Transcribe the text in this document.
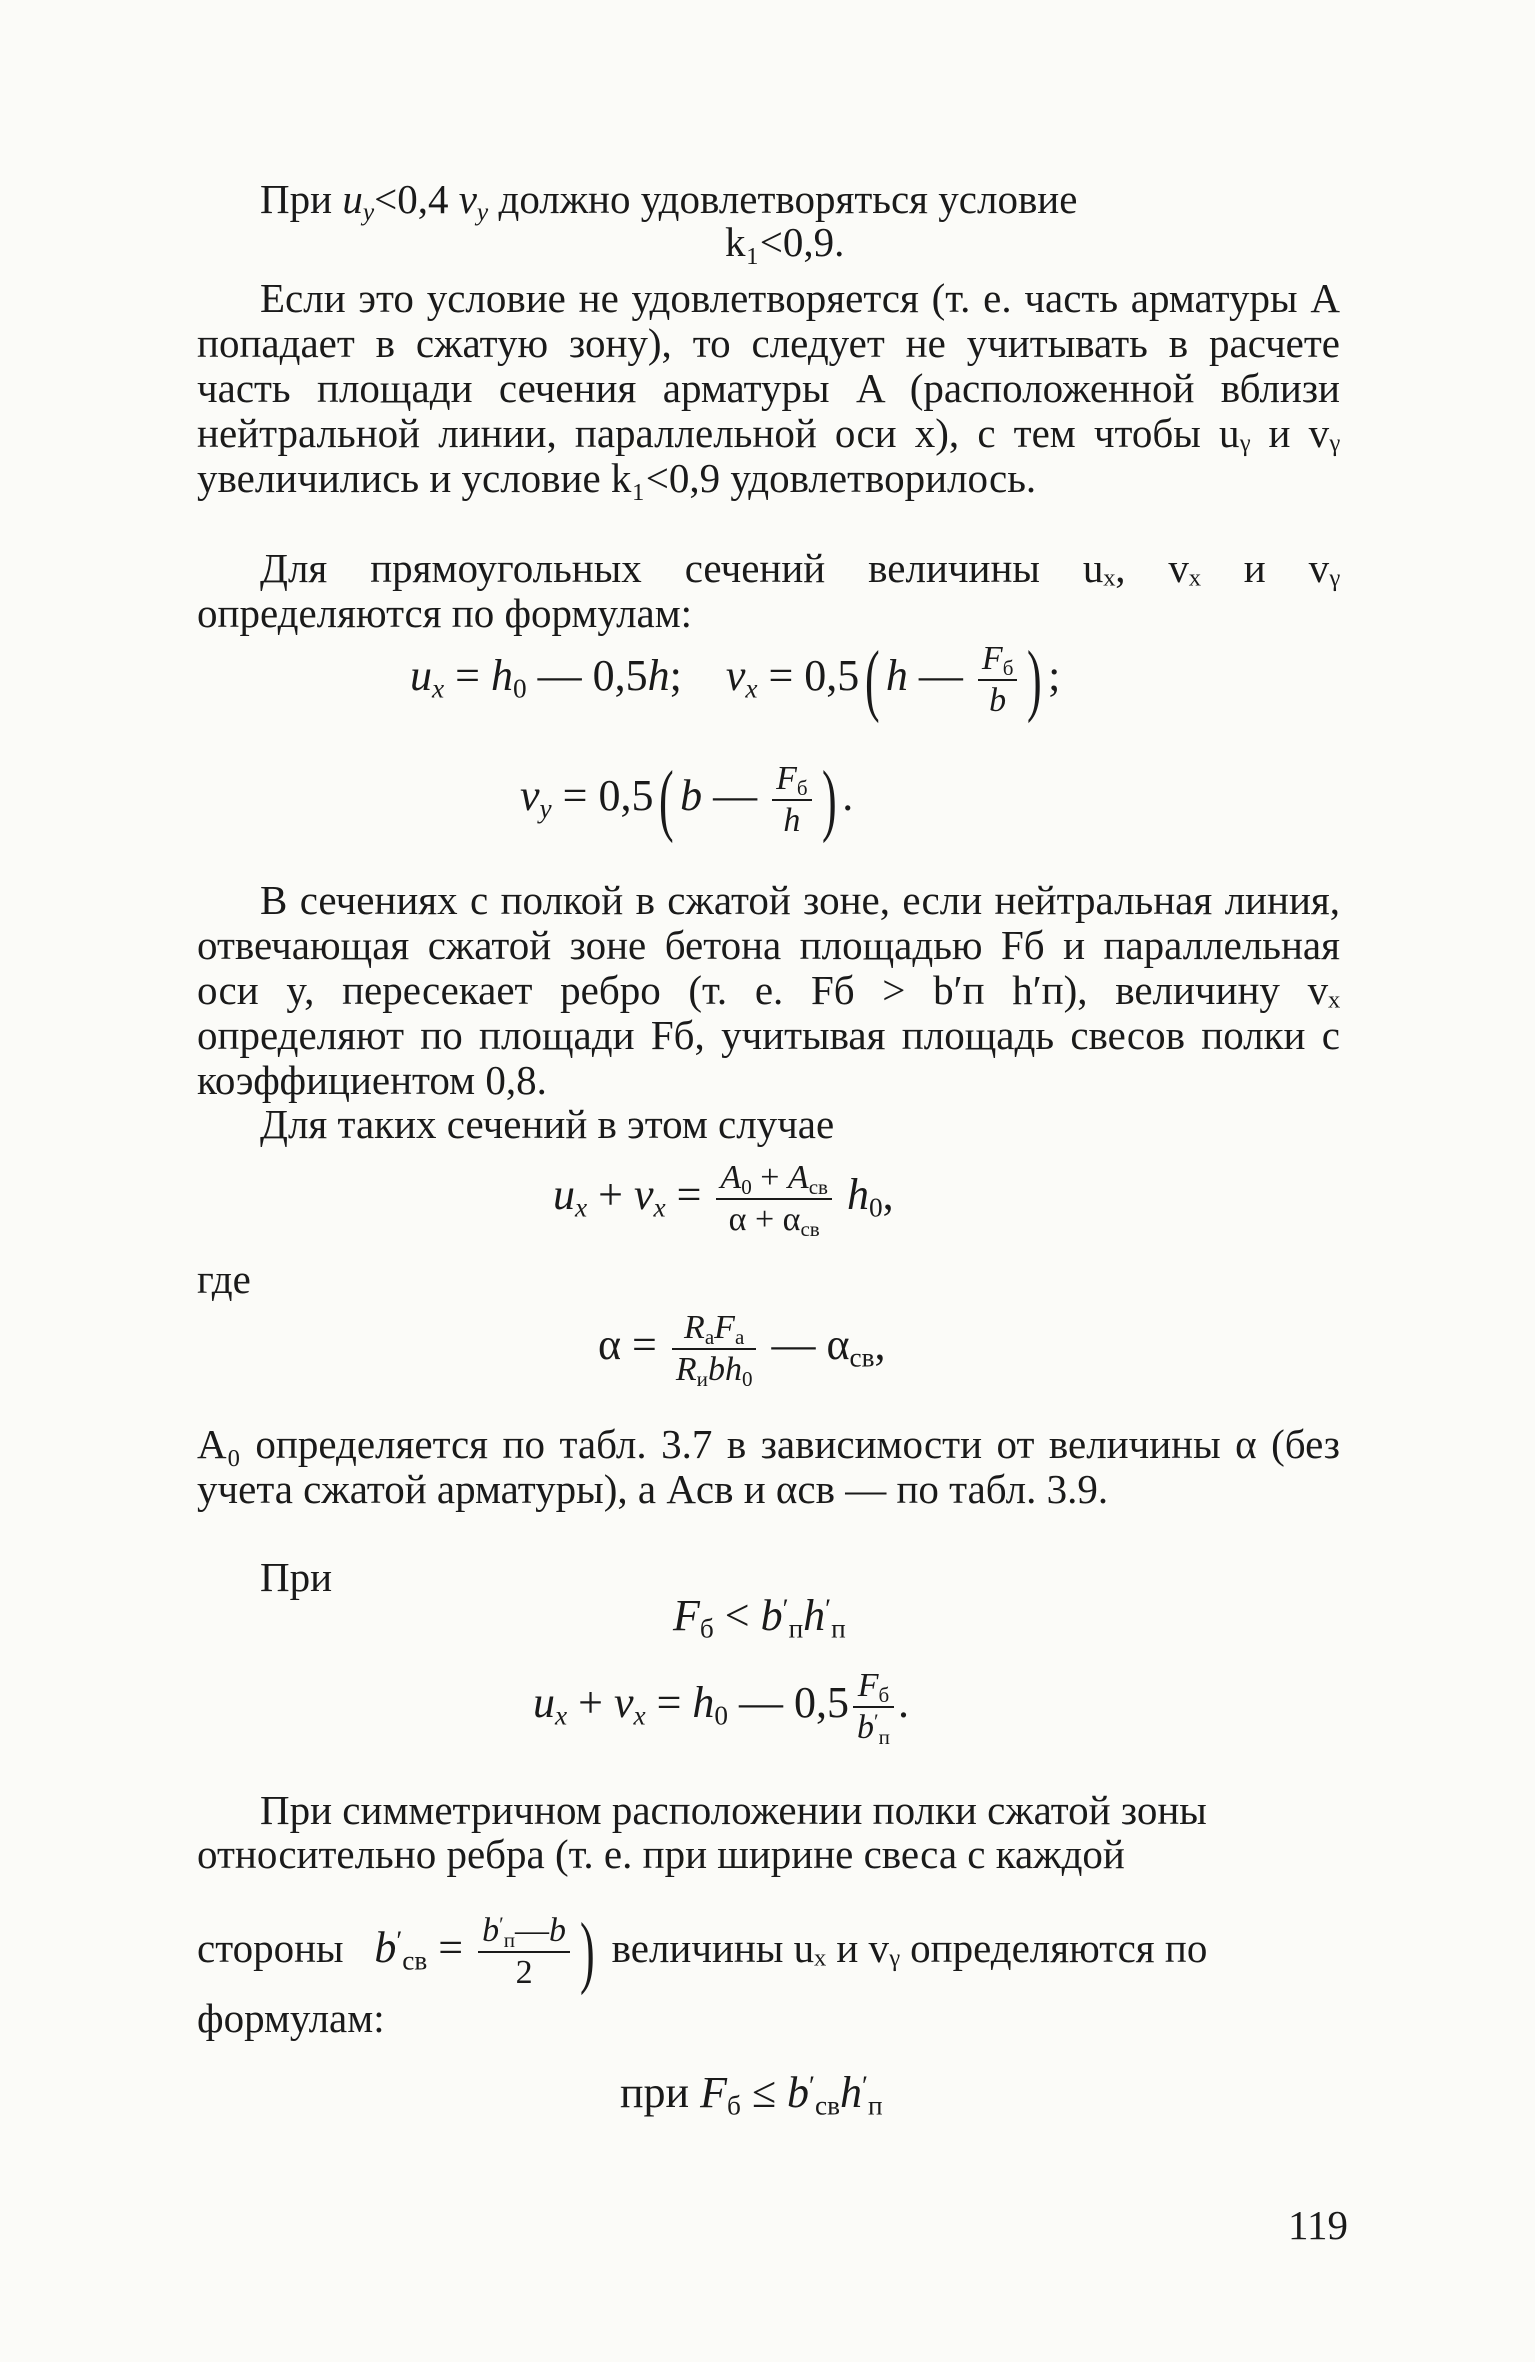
При $u_y<0,4$ $v_y$ должно удовлетворяться условие
k₁<0,9.

Если это условие не удовлетворяется (т. е. часть арматуры A попадает в сжатую зону), то следует не учитывать в расчете часть площади сечения арматуры A (расположенной вблизи нейтральной линии, параллельной оси x), с тем чтобы uᵧ и vᵧ увеличились и условие k₁<0,9 удовлетворилось.

Для прямоугольных сечений величины uₓ, vₓ и vᵧ определяются по формулам:

$u_x = h_0$ — 0,5h;    $v_x = 0,5$( h — $\frac{F_б}{b}$ ) ;
$v_y = 0,5$( b — $\frac{F_б}{h}$ ) .

В сечениях с полкой в сжатой зоне, если нейтральная линия, отвечающая сжатой зоне бетона площадью Fб и параллельная оси y, пересекает ребро (т. е. Fб > b′п h′п), величину vₓ определяют по площади Fб, учитывая площадь свесов полки с коэффициентом 0,8.

Для таких сечений в этом случае

$u_x + v_x = \frac{A_0 + A_{св}}{\alpha + \alpha_{св}} h_0$,
где
$\alpha = \frac{R_аF_а}{R_иbh_0}$ — $\alpha_{св}$,

A₀ определяется по табл. 3.7 в зависимости от величины α (без учета сжатой арматуры), а Aсв и αсв — по табл. 3.9.

При
$F_б < b'_пh'_п$
$u_x + v_x = h_0$ — $0,5 \frac{F_б}{b'_п}$ .
При симметричном расположении полки сжатой зоны
относительно ребра (т. е. при ширине свеса с каждой
стороны $b'_{св} = \frac{b'_п—b}{2}$ ) величины uₓ и vᵧ определяются по
формулам:
при $F_б \le b'_{св}h'_п$
119
